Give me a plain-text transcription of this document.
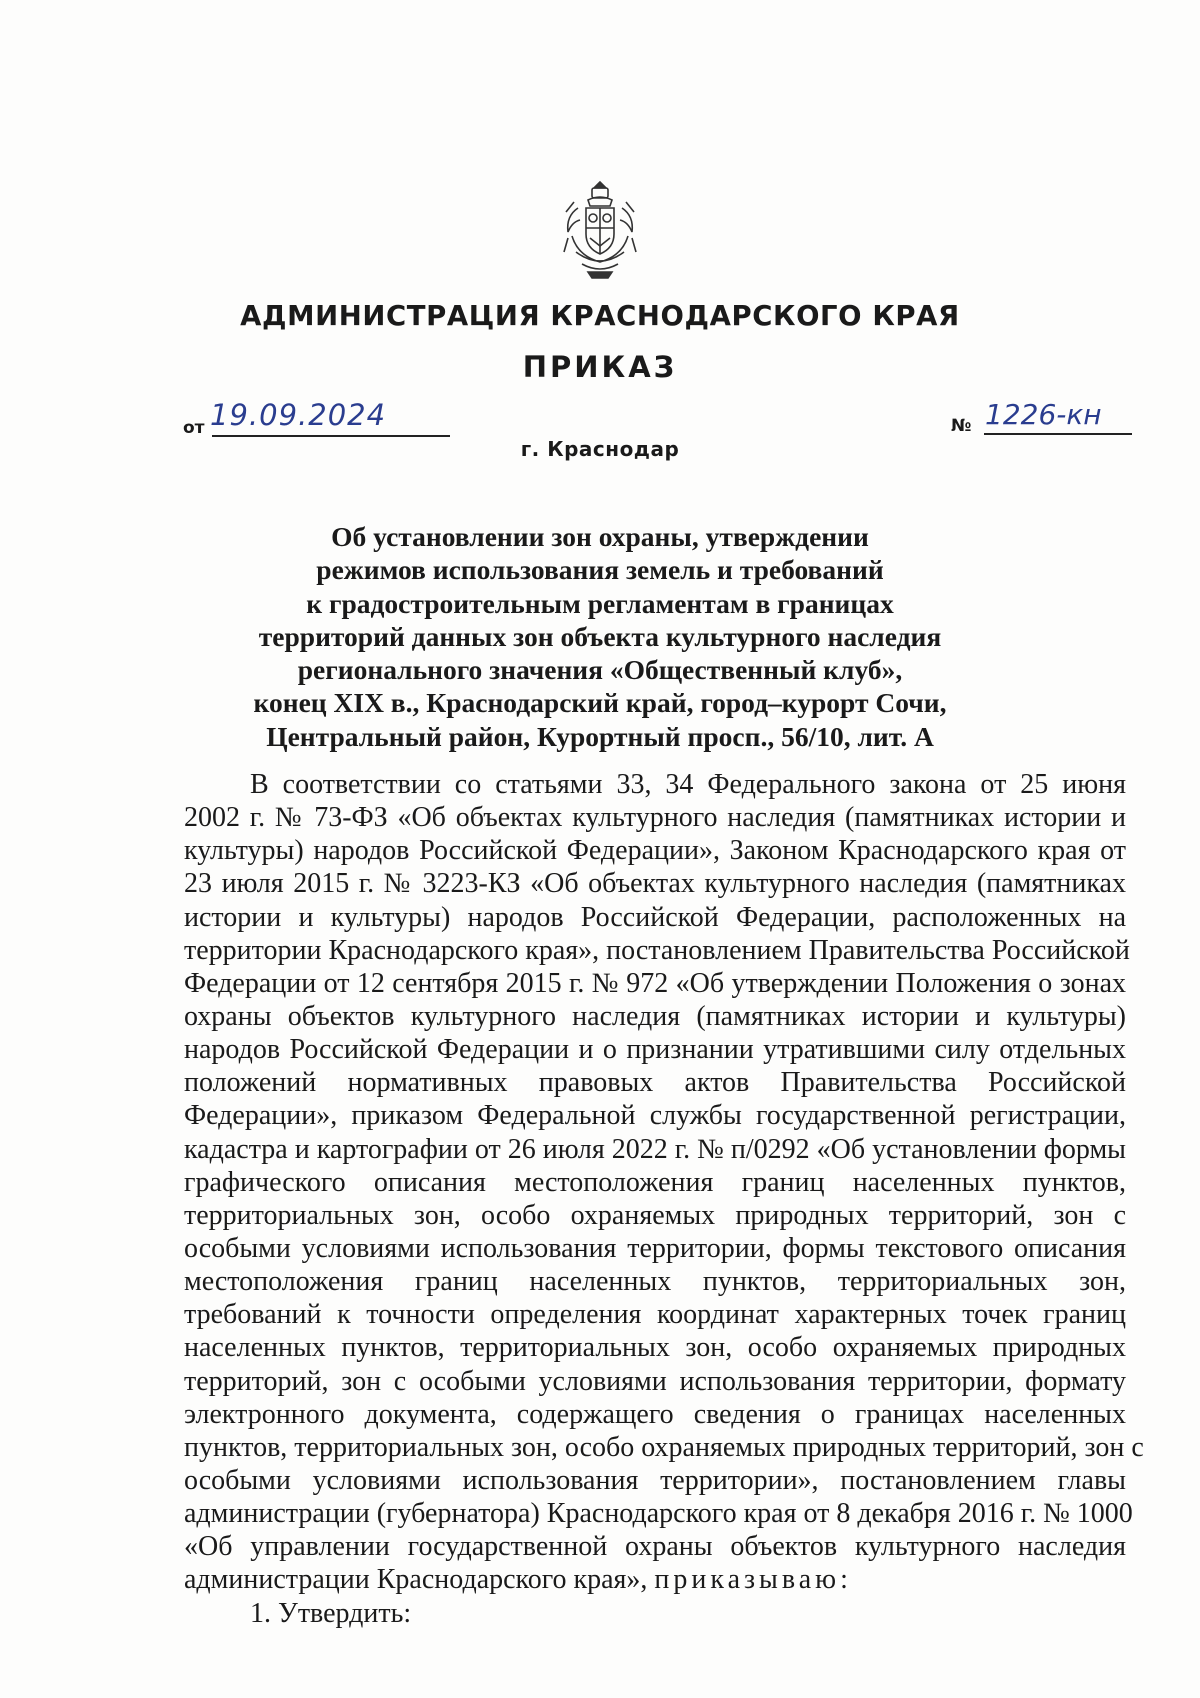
АДМИНИСТРАЦИЯ КРАСНОДАРСКОГО КРАЯ
ПРИКАЗ
от 19.09.2024	№ 1226-кн
г. Краснодар
Об установлении зон охраны, утверждении
режимов использования земель и требований
к градостроительным регламентам в границах
территорий данных зон объекта культурного наследия
регионального значения «Общественный клуб»,
конец XIX в., Краснодарский край, город–курорт Сочи,
Центральный район, Курортный просп., 56/10, лит. А
В соответствии со статьями 33, 34 Федерального закона от 25 июня
2002 г. № 73-ФЗ «Об объектах культурного наследия (памятниках истории и
культуры) народов Российской Федерации», Законом Краснодарского края от
23 июля 2015 г. № 3223-КЗ «Об объектах культурного наследия (памятниках
истории и культуры) народов Российской Федерации, расположенных на
территории Краснодарского края», постановлением Правительства Российской
Федерации от 12 сентября 2015 г. № 972 «Об утверждении Положения о зонах
охраны объектов культурного наследия (памятниках истории и культуры)
народов Российской Федерации и о признании утратившими силу отдельных
положений нормативных правовых актов Правительства Российской
Федерации», приказом Федеральной службы государственной регистрации,
кадастра и картографии от 26 июля 2022 г. № п/0292 «Об установлении формы
графического описания местоположения границ населенных пунктов,
территориальных зон, особо охраняемых природных территорий, зон с
особыми условиями использования территории, формы текстового описания
местоположения границ населенных пунктов, территориальных зон,
требований к точности определения координат характерных точек границ
населенных пунктов, территориальных зон, особо охраняемых природных
территорий, зон с особыми условиями использования территории, формату
электронного документа, содержащего сведения о границах населенных
пунктов, территориальных зон, особо охраняемых природных территорий, зон с
особыми условиями использования территории», постановлением главы
администрации (губернатора) Краснодарского края от 8 декабря 2016 г. № 1000
«Об управлении государственной охраны объектов культурного наследия
администрации Краснодарского края», приказываю:
1. Утвердить:
